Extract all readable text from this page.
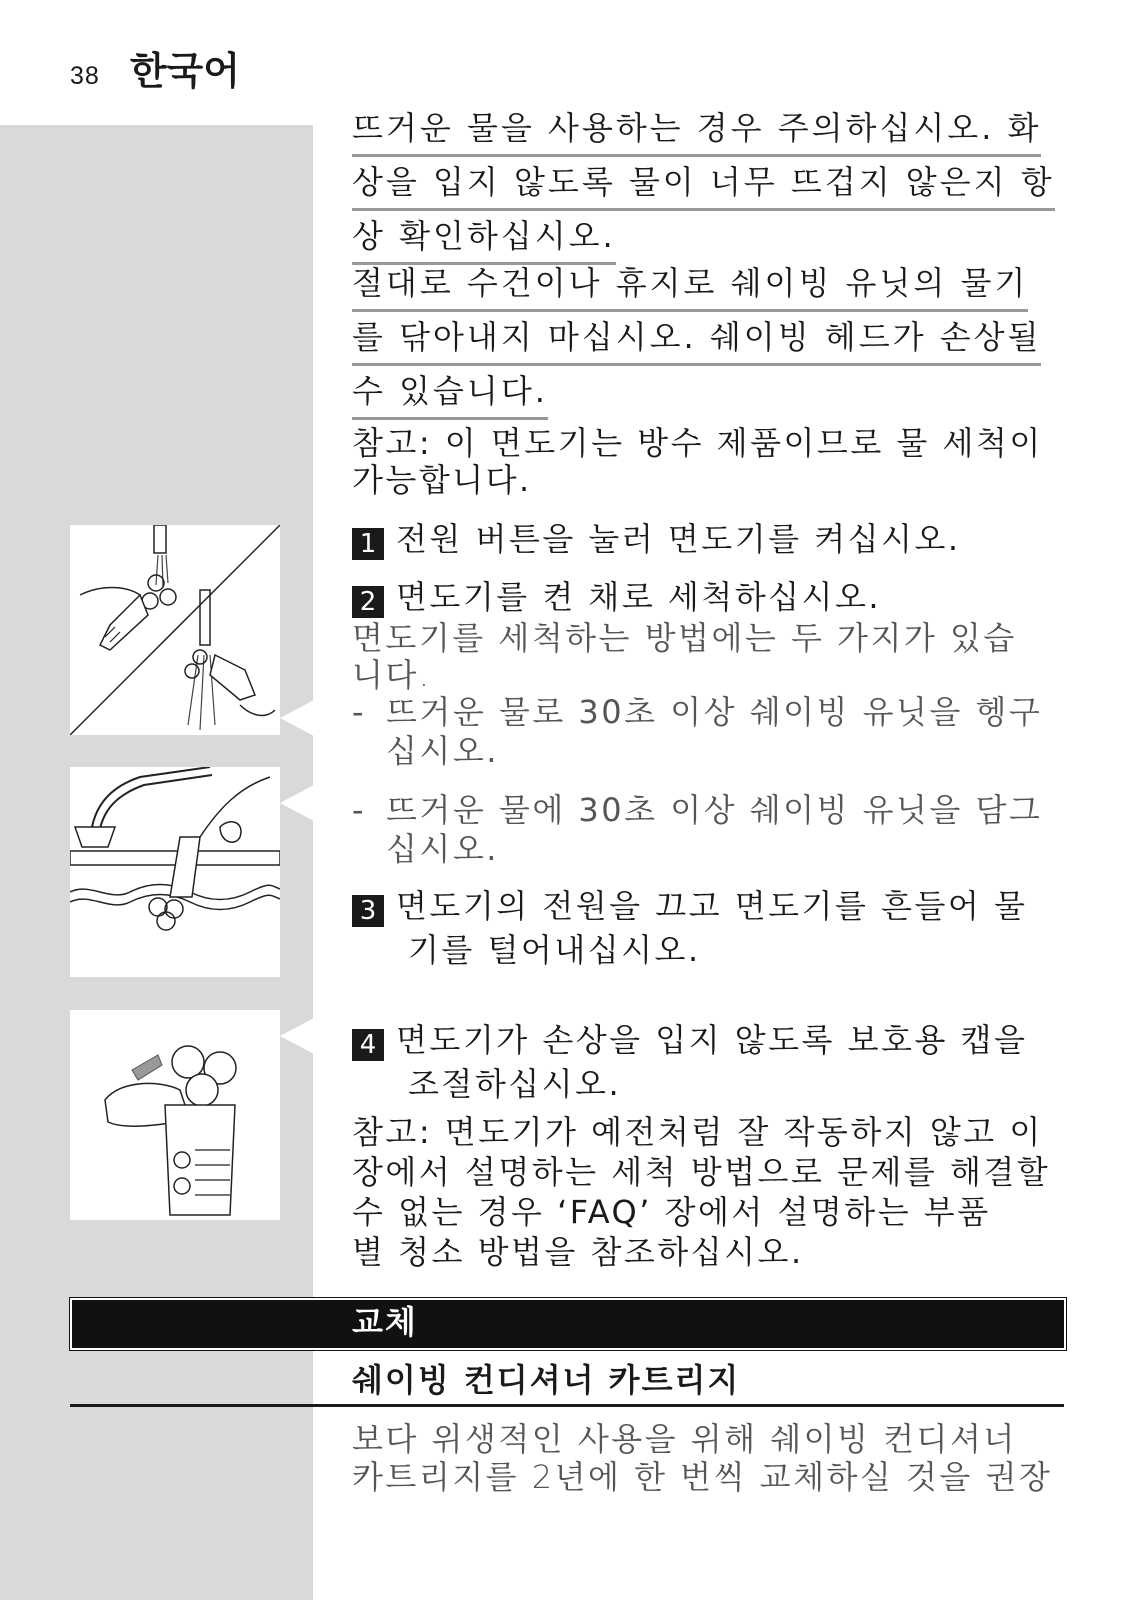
38 한국어
뜨거운 물을 사용하는 경우 주의하십시오. 화
상을 입지 않도록 물이 너무 뜨겁지 않은지 항
상 확인하십시오.
절대로 수건이나 휴지로 쉐이빙 유닛의 물기
를 닦아내지 마십시오. 쉐이빙 헤드가 손상될
수 있습니다.
참고: 이 면도기는 방수 제품이므로 물 세척이
가능합니다.
1 전원 버튼을 눌러 면도기를 켜십시오.
2 면도기를 켠 채로 세척하십시오.
면도기를 세척하는 방법에는 두 가지가 있습
니다.
- 뜨거운 물로 30초 이상 쉐이빙 유닛을 헹구
십시오.
- 뜨거운 물에 30초 이상 쉐이빙 유닛을 담그
십시오.
3 면도기의 전원을 끄고 면도기를 흔들어 물
기를 털어내십시오.
4 면도기가 손상을 입지 않도록 보호용 캡을
조절하십시오.
참고: 면도기가 예전처럼 잘 작동하지 않고 이
장에서 설명하는 세척 방법으로 문제를 해결할
수 없는 경우 ‘FAQ’ 장에서 설명하는 부품
별 청소 방법을 참조하십시오.
교체
쉐이빙 컨디셔너 카트리지
보다 위생적인 사용을 위해 쉐이빙 컨디셔너
카트리지를 2년에 한 번씩 교체하실 것을 권장
